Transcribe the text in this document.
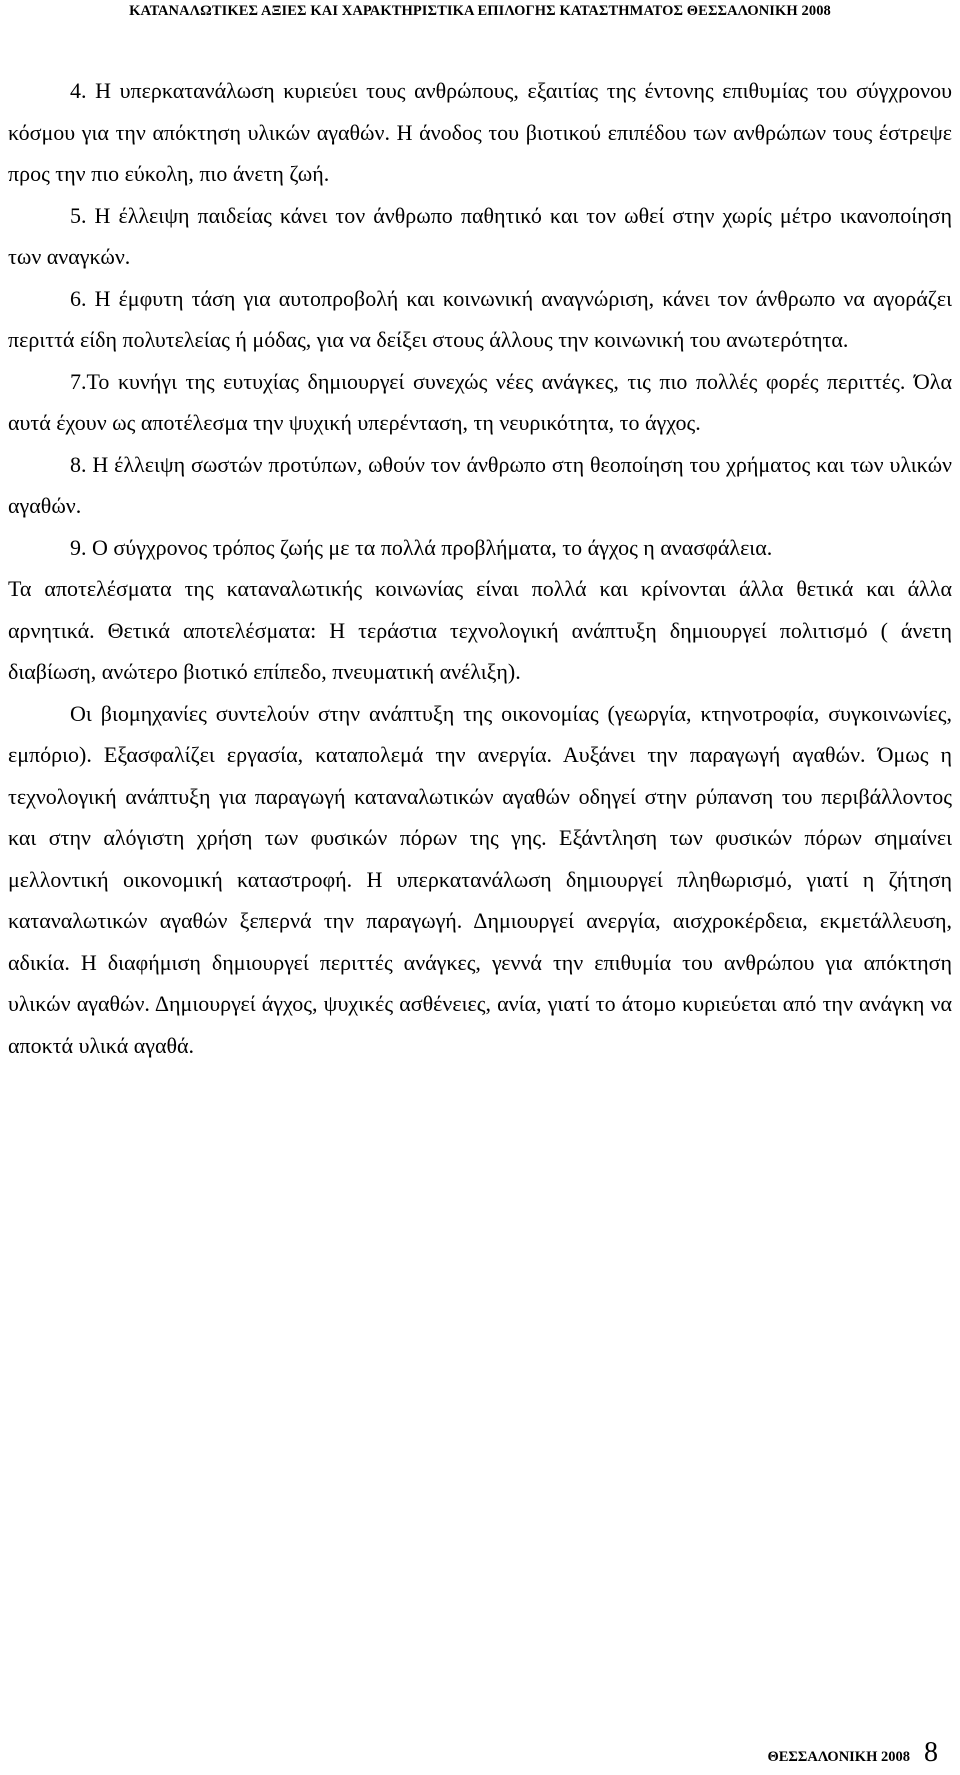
ΚΑΤΑΝΑΛΩΤΙΚΕΣ ΑΞΙΕΣ ΚΑΙ ΧΑΡΑΚΤΗΡΙΣΤΙΚΑ ΕΠΙΛΟΓΗΣ ΚΑΤΑΣΤΗΜΑΤΟΣ ΘΕΣΣΑΛΟΝΙΚΗ 2008

4. Η υπερκατανάλωση κυριεύει τους ανθρώπους, εξαιτίας της έντονης επιθυμίας του σύγχρονου κόσμου για την απόκτηση υλικών αγαθών. Η άνοδος του βιοτικού επιπέδου των ανθρώπων τους έστρεψε προς την πιο εύκολη, πιο άνετη ζωή.

5. Η έλλειψη παιδείας κάνει τον άνθρωπο παθητικό και τον ωθεί στην χωρίς μέτρο ικανοποίηση των αναγκών.

6. Η έμφυτη τάση για αυτοπροβολή και κοινωνική αναγνώριση, κάνει τον άνθρωπο να αγοράζει περιττά είδη πολυτελείας ή μόδας, για να δείξει στους άλλους την κοινωνική του ανωτερότητα.

7.Το κυνήγι της ευτυχίας δημιουργεί συνεχώς νέες ανάγκες, τις πιο πολλές φορές περιττές. Όλα αυτά έχουν ως αποτέλεσμα την ψυχική υπερένταση, τη νευρικότητα, το άγχος.

8. Η έλλειψη σωστών προτύπων, ωθούν τον άνθρωπο στη θεοποίηση του χρήματος και των υλικών αγαθών.

9. Ο σύγχρονος τρόπος ζωής με τα πολλά προβλήματα, το άγχος η ανασφάλεια.

Τα αποτελέσματα της καταναλωτικής κοινωνίας είναι πολλά και κρίνονται άλλα θετικά και άλλα αρνητικά. Θετικά αποτελέσματα: Η τεράστια τεχνολογική ανάπτυξη δημιουργεί πολιτισμό ( άνετη διαβίωση, ανώτερο βιοτικό επίπεδο, πνευματική ανέλιξη).

Οι βιομηχανίες συντελούν στην ανάπτυξη της οικονομίας (γεωργία, κτηνοτροφία, συγκοινωνίες, εμπόριο). Εξασφαλίζει εργασία, καταπολεμά την ανεργία. Αυξάνει την παραγωγή αγαθών. Όμως η τεχνολογική ανάπτυξη για παραγωγή καταναλωτικών αγαθών οδηγεί στην ρύπανση του περιβάλλοντος και στην αλόγιστη χρήση των φυσικών πόρων της γης. Εξάντληση των φυσικών πόρων σημαίνει μελλοντική οικονομική καταστροφή. Η υπερκατανάλωση δημιουργεί πληθωρισμό, γιατί η ζήτηση καταναλωτικών αγαθών ξεπερνά την παραγωγή. Δημιουργεί ανεργία, αισχροκέρδεια, εκμετάλλευση, αδικία. Η διαφήμιση δημιουργεί περιττές ανάγκες, γεννά την επιθυμία του ανθρώπου για απόκτηση υλικών αγαθών. Δημιουργεί άγχος, ψυχικές ασθένειες, ανία, γιατί το άτομο κυριεύεται από την ανάγκη να αποκτά υλικά αγαθά.

ΘΕΣΣΑΛΟΝΙΚΗ 2008 8
